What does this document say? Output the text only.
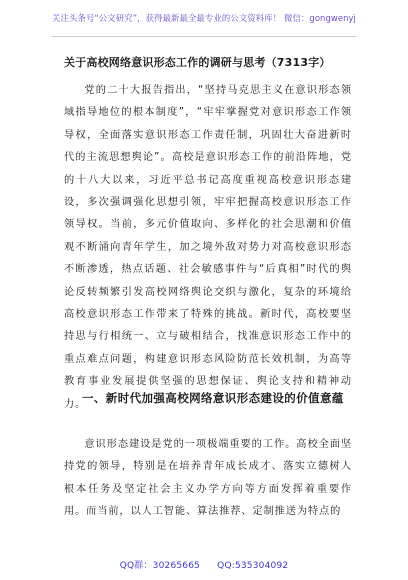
关注头条号“公文研究”，获得最新最全最专业的公文资料库！ 微信：gongwenyj
关于高校网络意识形态工作的调研与思考（7313字）

党的二十大报告指出，“坚持马克思主义在意识形态领域指导地位的根本制度”，“牢牢掌握党对意识形态工作领导权，全面落实意识形态工作责任制，巩固壮大奋进新时代的主流思想舆论”。高校是意识形态工作的前沿阵地，党的十八大以来，习近平总书记高度重视高校意识形态建设，多次强调强化思想引领，牢牢把握高校意识形态工作领导权。当前，多元价值取向、多样化的社会思潮和价值观不断涌向青年学生，加之境外敌对势力对高校意识形态不断渗透，热点话题、社会敏感事件与“后真相”时代的舆论反转频繁引发高校网络舆论交织与激化，复杂的环境给高校意识形态工作带来了特殊的挑战。新时代，高校要坚持思与行相统一、立与破相结合，找准意识形态工作中的重点难点问题，构建意识形态风险防范长效机制，为高等教育事业发展提供坚强的思想保证、舆论支持和精神动力。

一、新时代加强高校网络意识形态建设的价值意蕴

意识形态建设是党的一项极端重要的工作。高校全面坚持党的领导，特别是在培养青年成长成才、落实立德树人根本任务及坚定社会主义办学方向等方面发挥着重要作用。而当前，以人工智能、算法推荐、定制推送为特点的

QQ群：30265665 QQ:535304092
